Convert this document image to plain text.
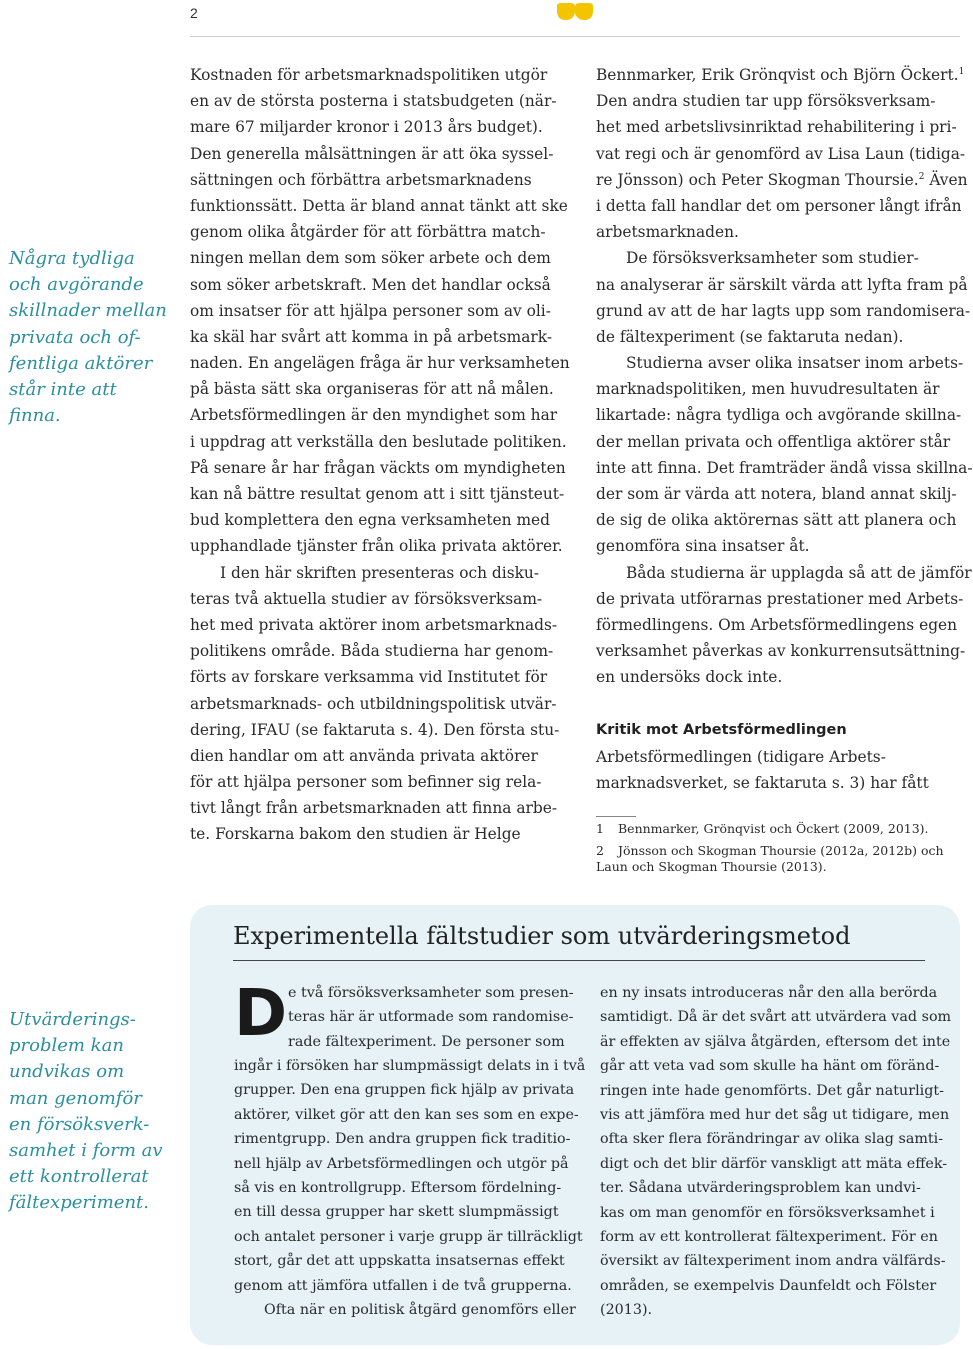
2
Några tydliga
och avgörande
skillnader mellan
privata och of-
fentliga aktörer
står inte att
finna.
Kostnaden för arbetsmarknadspolitiken utgör
en av de största posterna i statsbudgeten (när-
mare 67 miljarder kronor i 2013 års budget).
Den generella målsättningen är att öka syssel-
sättningen och förbättra arbetsmarknadens
funktionssätt. Detta är bland annat tänkt att ske
genom olika åtgärder för att förbättra match-
ningen mellan dem som söker arbete och dem
som söker arbetskraft. Men det handlar också
om insatser för att hjälpa personer som av oli-
ka skäl har svårt att komma in på arbetsmark-
naden. En angelägen fråga är hur verksamheten
på bästa sätt ska organiseras för att nå målen.
Arbetsförmedlingen är den myndighet som har
i uppdrag att verkställa den beslutade politiken.
På senare år har frågan väckts om myndigheten
kan nå bättre resultat genom att i sitt tjänsteut-
bud komplettera den egna verksamheten med
upphandlade tjänster från olika privata aktörer.
I den här skriften presenteras och disku-
teras två aktuella studier av försöksverksam-
het med privata aktörer inom arbetsmarknads-
politikens område. Båda studierna har genom-
förts av forskare verksamma vid Institutet för
arbetsmarknads- och utbildningspolitisk utvär-
dering, IFAU (se faktaruta s. 4). Den första stu-
dien handlar om att använda privata aktörer
för att hjälpa personer som befinner sig rela-
tivt långt från arbetsmarknaden att finna arbe-
te. Forskarna bakom den studien är Helge
Bennmarker, Erik Grönqvist och Björn Öckert.$^1$
Den andra studien tar upp försöksverksam-
het med arbetslivsinriktad rehabilitering i pri-
vat regi och är genomförd av Lisa Laun (tidiga-
re Jönsson) och Peter Skogman Thoursie.$^2$ Även
i detta fall handlar det om personer långt ifrån
arbetsmarknaden.
De försöksverksamheter som studier-
na analyserar är särskilt värda att lyfta fram på
grund av att de har lagts upp som randomisera-
de fältexperiment (se faktaruta nedan).
Studierna avser olika insatser inom arbets-
marknadspolitiken, men huvudresultaten är
likartade: några tydliga och avgörande skillna-
der mellan privata och offentliga aktörer står
inte att finna. Det framträder ändå vissa skillna-
der som är värda att notera, bland annat skilj-
de sig de olika aktörernas sätt att planera och
genomföra sina insatser åt.
Båda studierna är upplagda så att de jämför
de privata utförarnas prestationer med Arbets-
förmedlingens. Om Arbetsförmedlingens egen
verksamhet påverkas av konkurrensutsättning-
en undersöks dock inte.
Kritik mot Arbetsförmedlingen
Arbetsförmedlingen (tidigare Arbets-
marknadsverket, se faktaruta s. 3) har fått
1 Bennmarker, Grönqvist och Öckert (2009, 2013).
2 Jönsson och Skogman Thoursie (2012a, 2012b) och
Laun och Skogman Thoursie (2013).
Utvärderings-
problem kan
undvikas om
man genomför
en försöksverk-
samhet i form av
ett kontrollerat
fältexperiment.
Experimentella fältstudier som utvärderingsmetod
D e två försöksverksamheter som presen-
teras här är utformade som randomise-
rade fältexperiment. De personer som
ingår i försöken har slumpmässigt delats in i två
grupper. Den ena gruppen fick hjälp av privata
aktörer, vilket gör att den kan ses som en expe-
rimentgrupp. Den andra gruppen fick traditio-
nell hjälp av Arbetsförmedlingen och utgör på
så vis en kontrollgrupp. Eftersom fördelning-
en till dessa grupper har skett slumpmässigt
och antalet personer i varje grupp är tillräckligt
stort, går det att uppskatta insatsernas effekt
genom att jämföra utfallen i de två grupperna.
Ofta när en politisk åtgärd genomförs eller
en ny insats introduceras når den alla berörda
samtidigt. Då är det svårt att utvärdera vad som
är effekten av själva åtgärden, eftersom det inte
går att veta vad som skulle ha hänt om föränd-
ringen inte hade genomförts. Det går naturligt-
vis att jämföra med hur det såg ut tidigare, men
ofta sker flera förändringar av olika slag samti-
digt och det blir därför vanskligt att mäta effek-
ter. Sådana utvärderingsproblem kan undvi-
kas om man genomför en försöksverksamhet i
form av ett kontrollerat fältexperiment. För en
översikt av fältexperiment inom andra välfärds-
områden, se exempelvis Daunfeldt och Fölster
(2013).
